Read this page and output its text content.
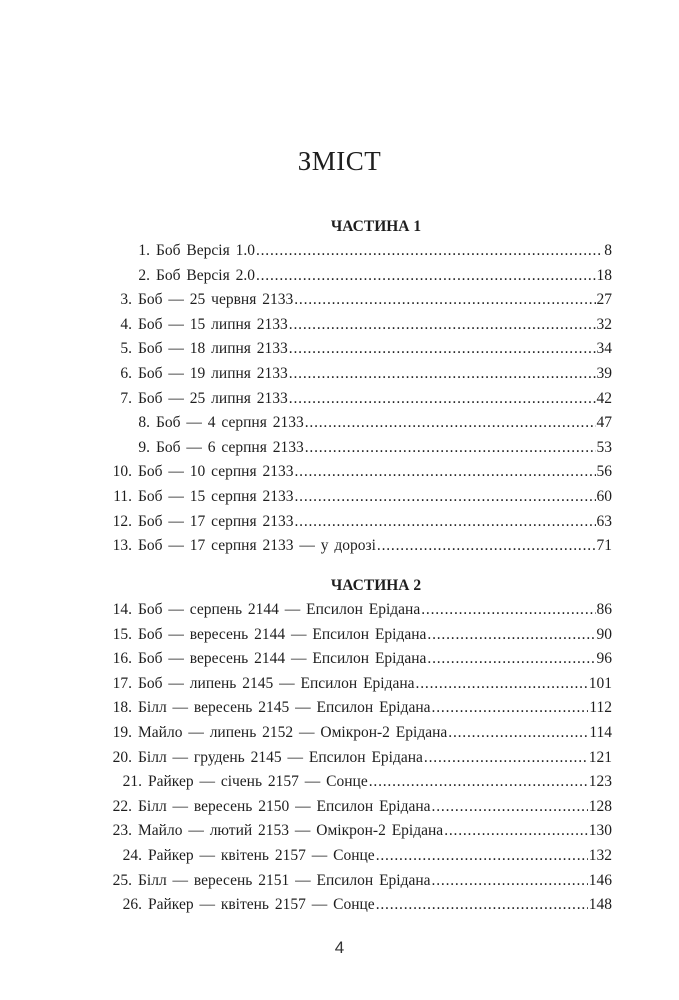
ЗМІСТ
ЧАСТИНА 1
1. Боб Версія 1.0 .....	8
2. Боб Версія 2.0 .....	18
3. Боб — 25 червня 2133 .....	27
4. Боб — 15 липня 2133 .....	32
5. Боб — 18 липня 2133 .....	34
6. Боб — 19 липня 2133 .....	39
7. Боб — 25 липня 2133 .....	42
8. Боб — 4 серпня 2133 .....	47
9. Боб — 6 серпня 2133 .....	53
10. Боб — 10 серпня 2133 .....	56
11. Боб — 15 серпня 2133 .....	60
12. Боб — 17 серпня 2133 .....	63
13. Боб — 17 серпня 2133 — у дорозі .....	71
ЧАСТИНА 2
14. Боб — серпень 2144 — Епсилон Ерідана .....	86
15. Боб — вересень 2144 — Епсилон Ерідана .....	90
16. Боб — вересень 2144 — Епсилон Ерідана .....	96
17. Боб — липень 2145 — Епсилон Ерідана .....	101
18. Білл — вересень 2145 — Епсилон Ерідана .....	112
19. Майло — липень 2152 — Омікрон-2 Ерідана .....	114
20. Білл — грудень 2145 — Епсилон Ерідана .....	121
21. Райкер — січень 2157 — Сонце .....	123
22. Білл — вересень 2150 — Епсилон Ерідана .....	128
23. Майло — лютий 2153 — Омікрон-2 Ерідана .....	130
24. Райкер — квітень 2157 — Сонце .....	132
25. Білл — вересень 2151 — Епсилон Ерідана .....	146
26. Райкер — квітень 2157 — Сонце .....	148
4
